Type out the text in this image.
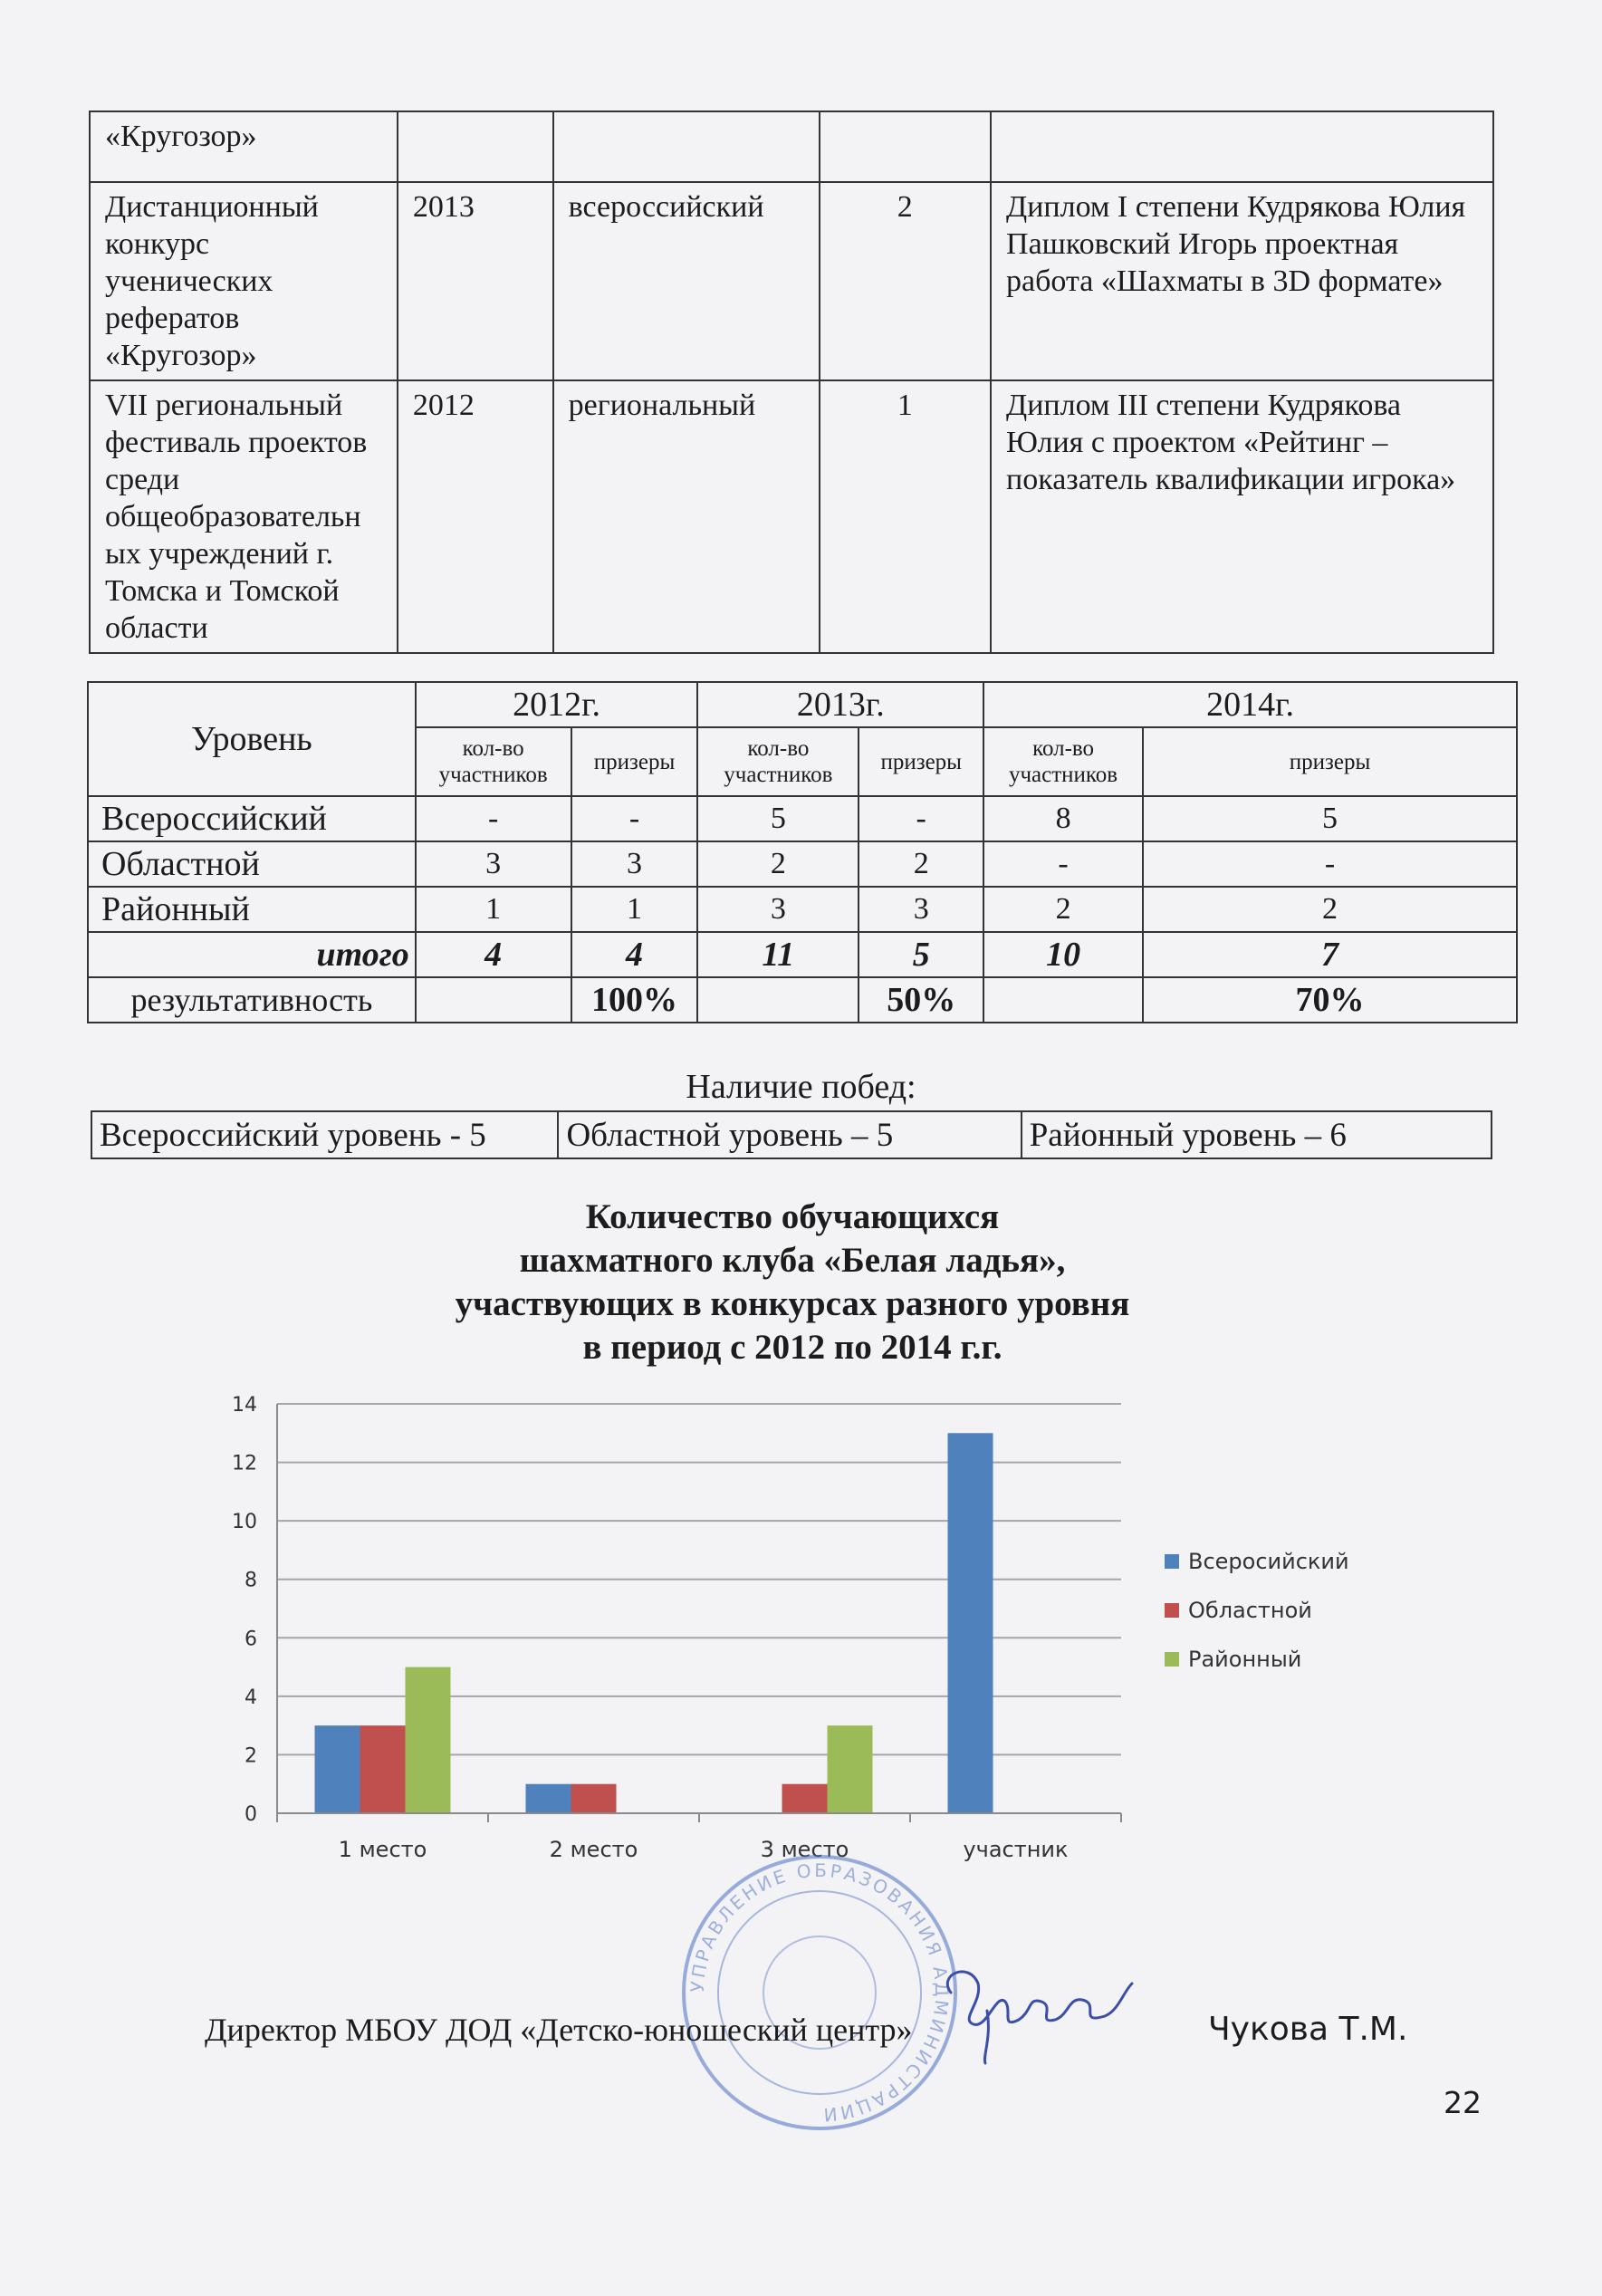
«Кругозор»				
Дистанционный конкурс ученических рефератов «Кругозор»	2013	всероссийский	2	Диплом I степени Кудрякова Юлия Пашковский Игорь проектная работа «Шахматы в 3D формате»
VII региональный фестиваль проектов среди общеобразовательн ых учреждений г. Томска и Томской области	2012	региональный	1	Диплом III степени Кудрякова Юлия с проектом «Рейтинг – показатель квалификации игрока»
Уровень	2012г.		2013г.		2014г.	
	кол-во участников	призеры	кол-во участников	призеры	кол-во участников	призеры
Всероссийский	-	-	5	-	8	5
Областной	3	3	2	2	-	-
Районный	1	1	3	3	2	2
итого	4	4	11	5	10	7
результативность		100%		50%		70%
Наличие побед:
Всероссийский уровень - 5	Областной уровень – 5	Районный уровень – 6
Количество обучающихся
шахматного клуба «Белая ладья»,
участвующих в конкурсах разного уровня
в период с 2012 по 2014 г.г.
0
2
4
6
8
10
12
14
1 место	2 место	3 место	участник
Всеросийский
Областной
Районный
УПРАВЛЕНИЕ ОБРАЗОВАНИЯ АДМИНИСТРАЦИИ
Директор МБОУ ДОД «Детско-юношеский центр»	Чукова Т.М.
22
